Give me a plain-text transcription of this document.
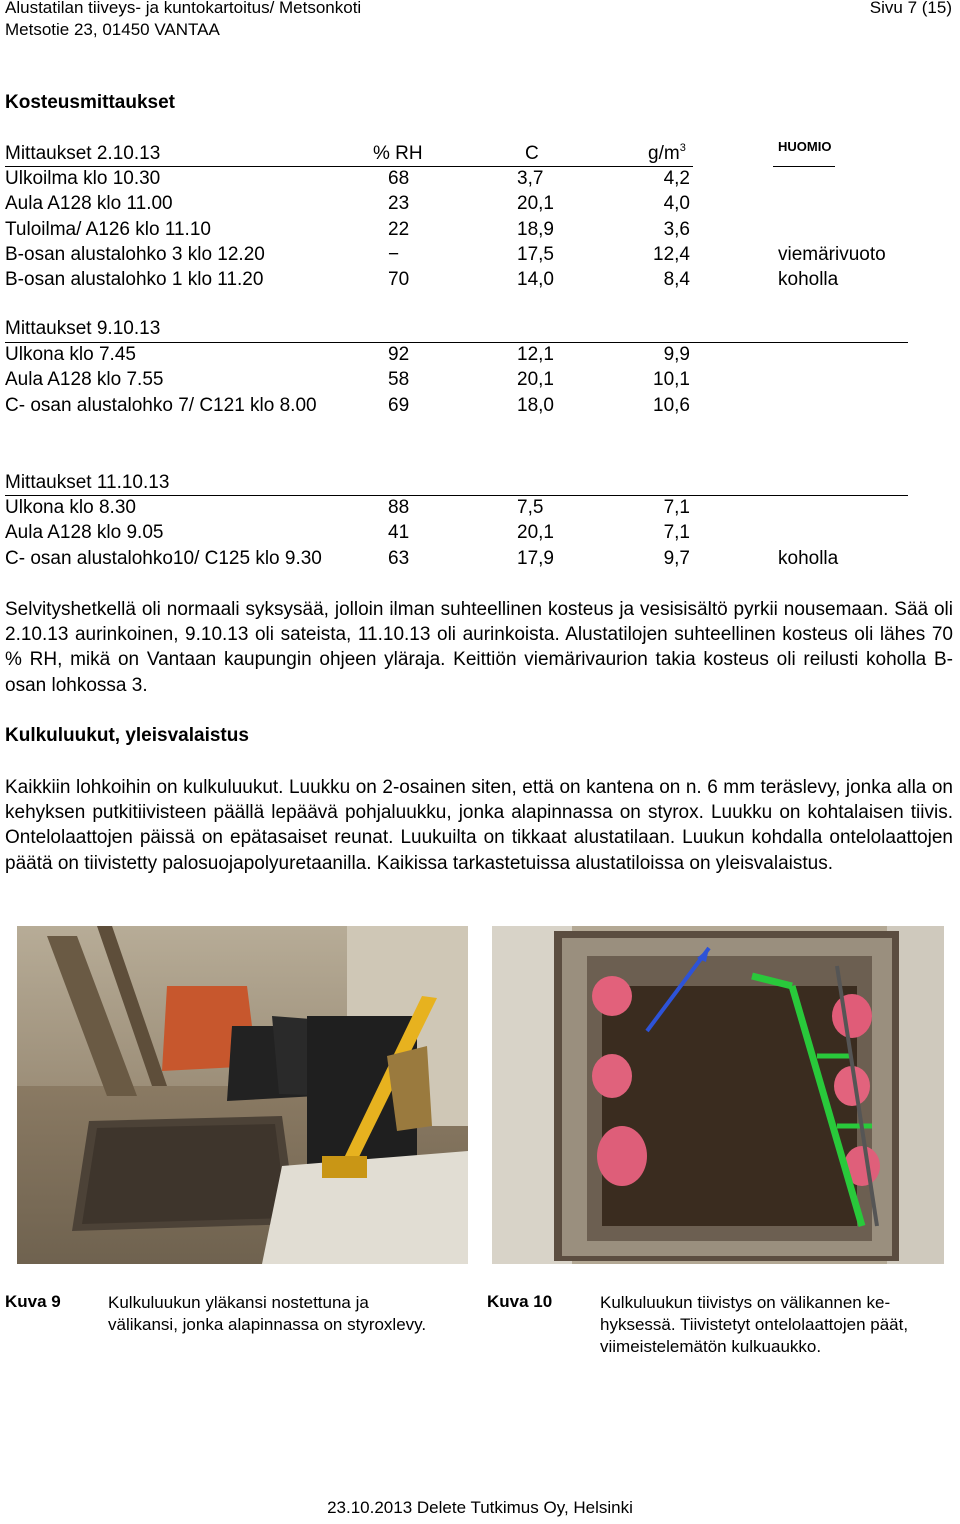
Alustatilan tiiveys- ja kuntokartoitus/ Metsonkoti
Metsotie 23, 01450 VANTAA
Sivu 7 (15)
Kosteusmittaukset
Mittaukset 2.10.13	% RH	C	$g/m^3$	HUOMIO
Ulkoilma klo 10.30	68	3,7	4,2
Aula A128 klo 11.00	23	20,1	4,0
Tuloilma/ A126 klo 11.10	22	18,9	3,6
B-osan alustalohko 3 klo 12.20	−	17,5	12,4	viemärivuoto
B-osan alustalohko 1 klo 11.20	70	14,0	8,4	koholla
Mittaukset 9.10.13
Ulkona klo 7.45	92	12,1	9,9
Aula A128 klo 7.55	58	20,1	10,1
C- osan alustalohko 7/ C121 klo 8.00	69	18,0	10,6
Mittaukset 11.10.13
Ulkona klo 8.30	88	7,5	7,1
Aula A128 klo 9.05	41	20,1	7,1
C- osan alustalohko10/ C125 klo 9.30	63	17,9	9,7	koholla
Selvityshetkellä oli normaali syksysää, jolloin ilman suhteellinen kosteus ja vesisisältö pyrkii nousemaan. Sää oli 2.10.13 aurinkoinen, 9.10.13 oli sateista, 11.10.13 oli aurinkoista. Alustatilojen suhteellinen kosteus oli lähes 70 % RH, mikä on Vantaan kaupungin ohjeen yläraja. Keittiön viemärivaurion takia kosteus oli reilusti koholla B-osan lohkossa 3.
Kulkuluukut, yleisvalaistus
Kaikkiin lohkoihin on kulkuluukut. Luukku on 2-osainen siten, että on kantena on n. 6 mm teräslevy, jonka alla on kehyksen putkitiivisteen päällä lepäävä pohjaluukku, jonka alapinnassa on styrox. Luukku on kohtalaisen tiivis. Ontelolaattojen päissä on epätasaiset reunat. Luukuilta on tikkaat alustatilaan. Luukun kohdalla ontelolaattojen päätä on tiivistetty palosuojapolyuretaanilla. Kaikissa tarkastetuissa alustatiloissa on yleisvalaistus.
Kuva 9	Kulkuluukun yläkansi nostettuna ja välikansi, jonka alapinnassa on styroxlevy.
Kuva 10	Kulkuluukun tiivistys on välikannen kehyksessä. Tiivistetyt ontelolaattojen päät, viimeistelemätön kulkuaukko.
23.10.2013 Delete Tutkimus Oy, Helsinki
